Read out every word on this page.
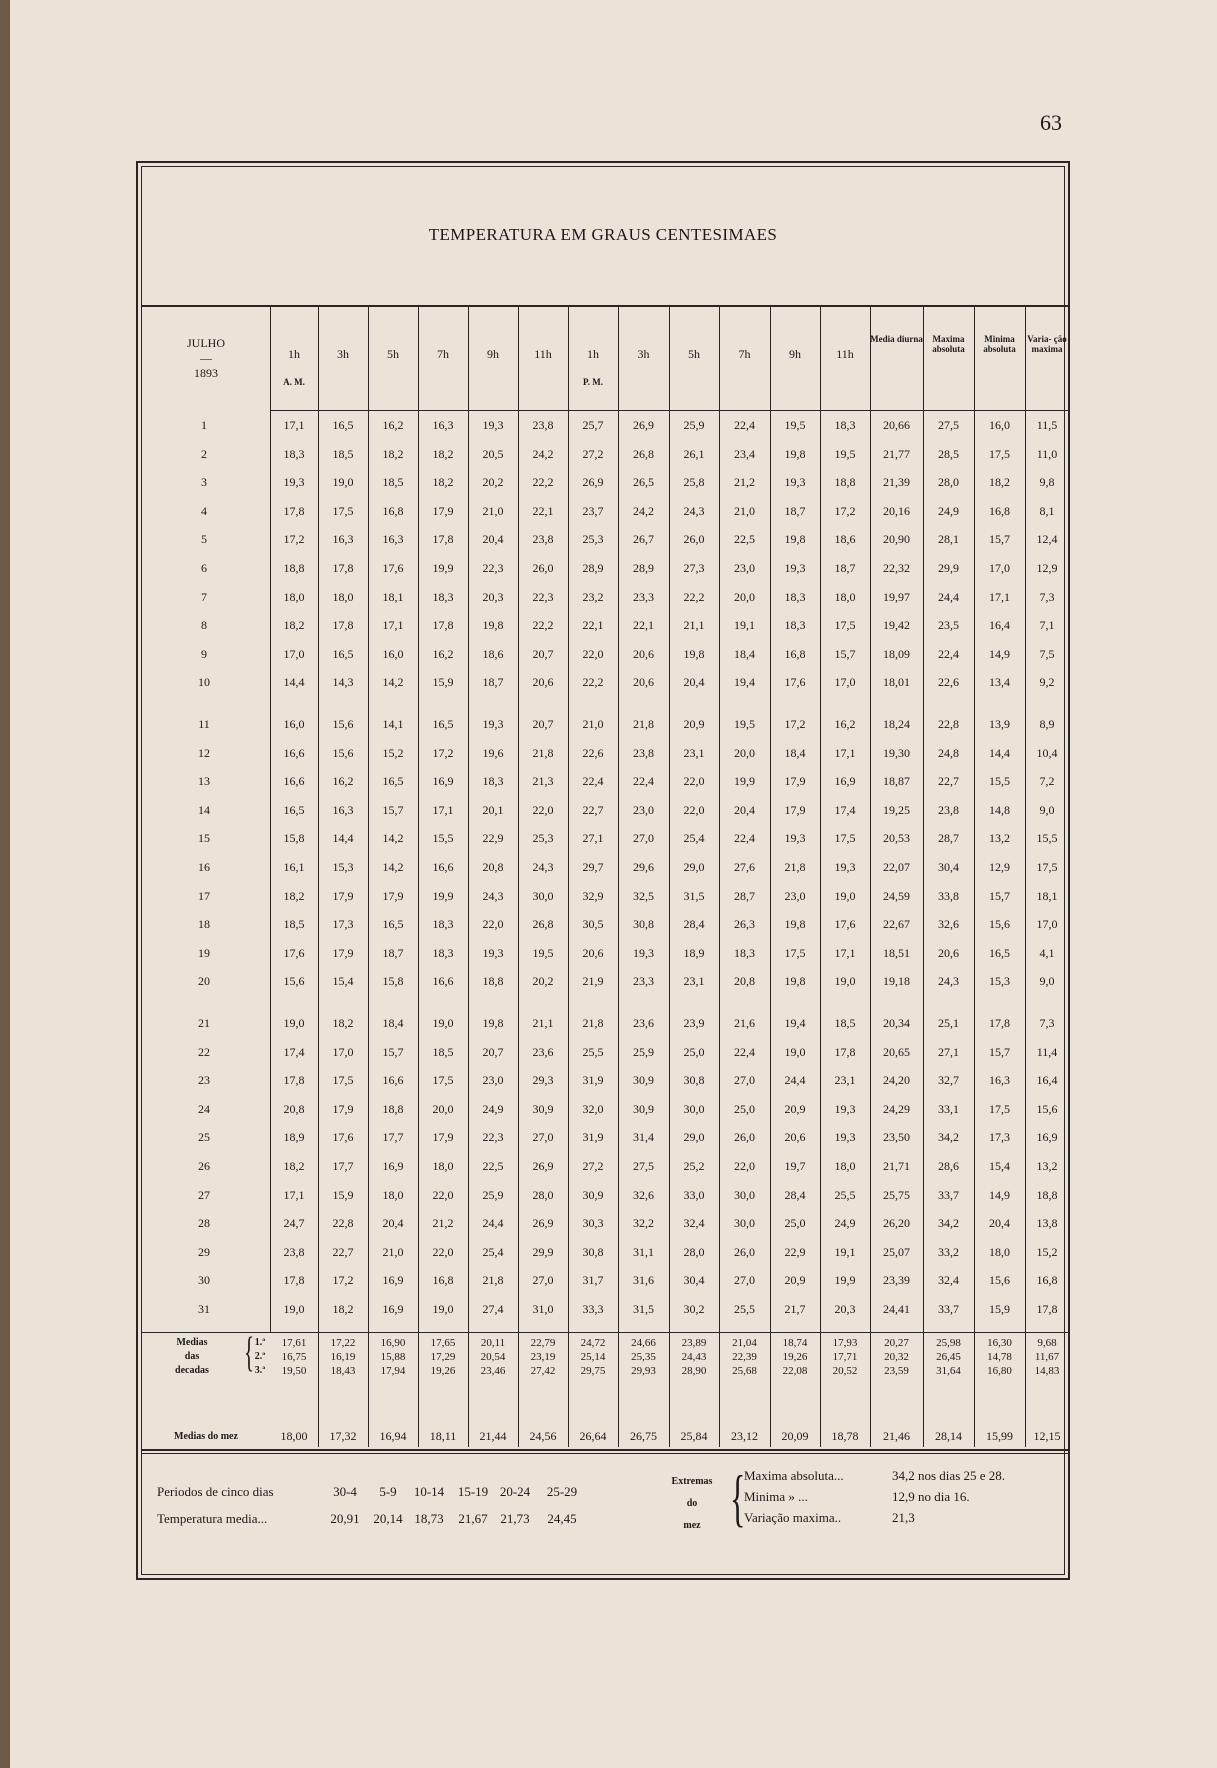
63
TEMPERATURA EM GRAUS CENTESIMAES
JULHO
—
1893
1h	3h	5h	7h	9h	11h	1h	3h	5h	7h	9h	11h
A. M.	P. M.
Media diurna	Maxima absoluta
Minima absoluta
Varia- ção maxima
1	17,1	16,5	16,2	16,3	19,3	23,8	25,7	26,9	25,9	22,4	19,5	18,3	20,66	27,5	16,0	11,5
2	18,3	18,5	18,2	18,2	20,5	24,2	27,2	26,8	26,1	23,4	19,8	19,5	21,77	28,5	17,5	11,0
3	19,3	19,0	18,5	18,2	20,2	22,2	26,9	26,5	25,8	21,2	19,3	18,8	21,39	28,0	18,2	9,8
4	17,8	17,5	16,8	17,9	21,0	22,1	23,7	24,2	24,3	21,0	18,7	17,2	20,16	24,9	16,8	8,1
5	17,2	16,3	16,3	17,8	20,4	23,8	25,3	26,7	26,0	22,5	19,8	18,6	20,90	28,1	15,7	12,4
6	18,8	17,8	17,6	19,9	22,3	26,0	28,9	28,9	27,3	23,0	19,3	18,7	22,32	29,9	17,0	12,9
7	18,0	18,0	18,1	18,3	20,3	22,3	23,2	23,3	22,2	20,0	18,3	18,0	19,97	24,4	17,1	7,3
8	18,2	17,8	17,1	17,8	19,8	22,2	22,1	22,1	21,1	19,1	18,3	17,5	19,42	23,5	16,4	7,1
9	17,0	16,5	16,0	16,2	18,6	20,7	22,0	20,6	19,8	18,4	16,8	15,7	18,09	22,4	14,9	7,5
10	14,4	14,3	14,2	15,9	18,7	20,6	22,2	20,6	20,4	19,4	17,6	17,0	18,01	22,6	13,4	9,2
11	16,0	15,6	14,1	16,5	19,3	20,7	21,0	21,8	20,9	19,5	17,2	16,2	18,24	22,8	13,9	8,9
12	16,6	15,6	15,2	17,2	19,6	21,8	22,6	23,8	23,1	20,0	18,4	17,1	19,30	24,8	14,4	10,4
13	16,6	16,2	16,5	16,9	18,3	21,3	22,4	22,4	22,0	19,9	17,9	16,9	18,87	22,7	15,5	7,2
14	16,5	16,3	15,7	17,1	20,1	22,0	22,7	23,0	22,0	20,4	17,9	17,4	19,25	23,8	14,8	9,0
15	15,8	14,4	14,2	15,5	22,9	25,3	27,1	27,0	25,4	22,4	19,3	17,5	20,53	28,7	13,2	15,5
16	16,1	15,3	14,2	16,6	20,8	24,3	29,7	29,6	29,0	27,6	21,8	19,3	22,07	30,4	12,9	17,5
17	18,2	17,9	17,9	19,9	24,3	30,0	32,9	32,5	31,5	28,7	23,0	19,0	24,59	33,8	15,7	18,1
18	18,5	17,3	16,5	18,3	22,0	26,8	30,5	30,8	28,4	26,3	19,8	17,6	22,67	32,6	15,6	17,0
19	17,6	17,9	18,7	18,3	19,3	19,5	20,6	19,3	18,9	18,3	17,5	17,1	18,51	20,6	16,5	4,1
20	15,6	15,4	15,8	16,6	18,8	20,2	21,9	23,3	23,1	20,8	19,8	19,0	19,18	24,3	15,3	9,0
21	19,0	18,2	18,4	19,0	19,8	21,1	21,8	23,6	23,9	21,6	19,4	18,5	20,34	25,1	17,8	7,3
22	17,4	17,0	15,7	18,5	20,7	23,6	25,5	25,9	25,0	22,4	19,0	17,8	20,65	27,1	15,7	11,4
23	17,8	17,5	16,6	17,5	23,0	29,3	31,9	30,9	30,8	27,0	24,4	23,1	24,20	32,7	16,3	16,4
24	20,8	17,9	18,8	20,0	24,9	30,9	32,0	30,9	30,0	25,0	20,9	19,3	24,29	33,1	17,5	15,6
25	18,9	17,6	17,7	17,9	22,3	27,0	31,9	31,4	29,0	26,0	20,6	19,3	23,50	34,2	17,3	16,9
26	18,2	17,7	16,9	18,0	22,5	26,9	27,2	27,5	25,2	22,0	19,7	18,0	21,71	28,6	15,4	13,2
27	17,1	15,9	18,0	22,0	25,9	28,0	30,9	32,6	33,0	30,0	28,4	25,5	25,75	33,7	14,9	18,8
28	24,7	22,8	20,4	21,2	24,4	26,9	30,3	32,2	32,4	30,0	25,0	24,9	26,20	34,2	20,4	13,8
29	23,8	22,7	21,0	22,0	25,4	29,9	30,8	31,1	28,0	26,0	22,9	19,1	25,07	33,2	18,0	15,2
30	17,8	17,2	16,9	16,8	21,8	27,0	31,7	31,6	30,4	27,0	20,9	19,9	23,39	32,4	15,6	16,8
31	19,0	18,2	16,9	19,0	27,4	31,0	33,3	31,5	30,2	25,5	21,7	20,3	24,41	33,7	15,9	17,8
Medias
das
decadas { 1.ª
2.ª
3.ª
17,61	17,22	16,90	17,65	20,11	22,79	24,72	24,66	23,89	21,04	18,74	17,93	20,27	25,98	16,30	9,68
16,75	16,19	15,88	17,29	20,54	23,19	25,14	25,35	24,43	22,39	19,26	17,71	20,32	26,45	14,78	11,67
19,50	18,43	17,94	19,26	23,46	27,42	29,75	29,93	28,90	25,68	22,08	20,52	23,59	31,64	16,80	14,83
Medias do mez	18,00	17,32	16,94	18,11	21,44	24,56	26,64	26,75	25,84	23,12	20,09	18,78	21,46	28,14	15,99	12,15
Periodos de cinco dias
Temperatura media...
30-4	5-9	10-14	15-19 20-24	25-29
20,91	20,14 18,73	21,67 21,73	24,45
Extremas
do
mez {
Maxima absoluta...	34,2 nos dias 25 e 28.
Minima » ...	12,9 no dia 16.
Variação maxima..	21,3
